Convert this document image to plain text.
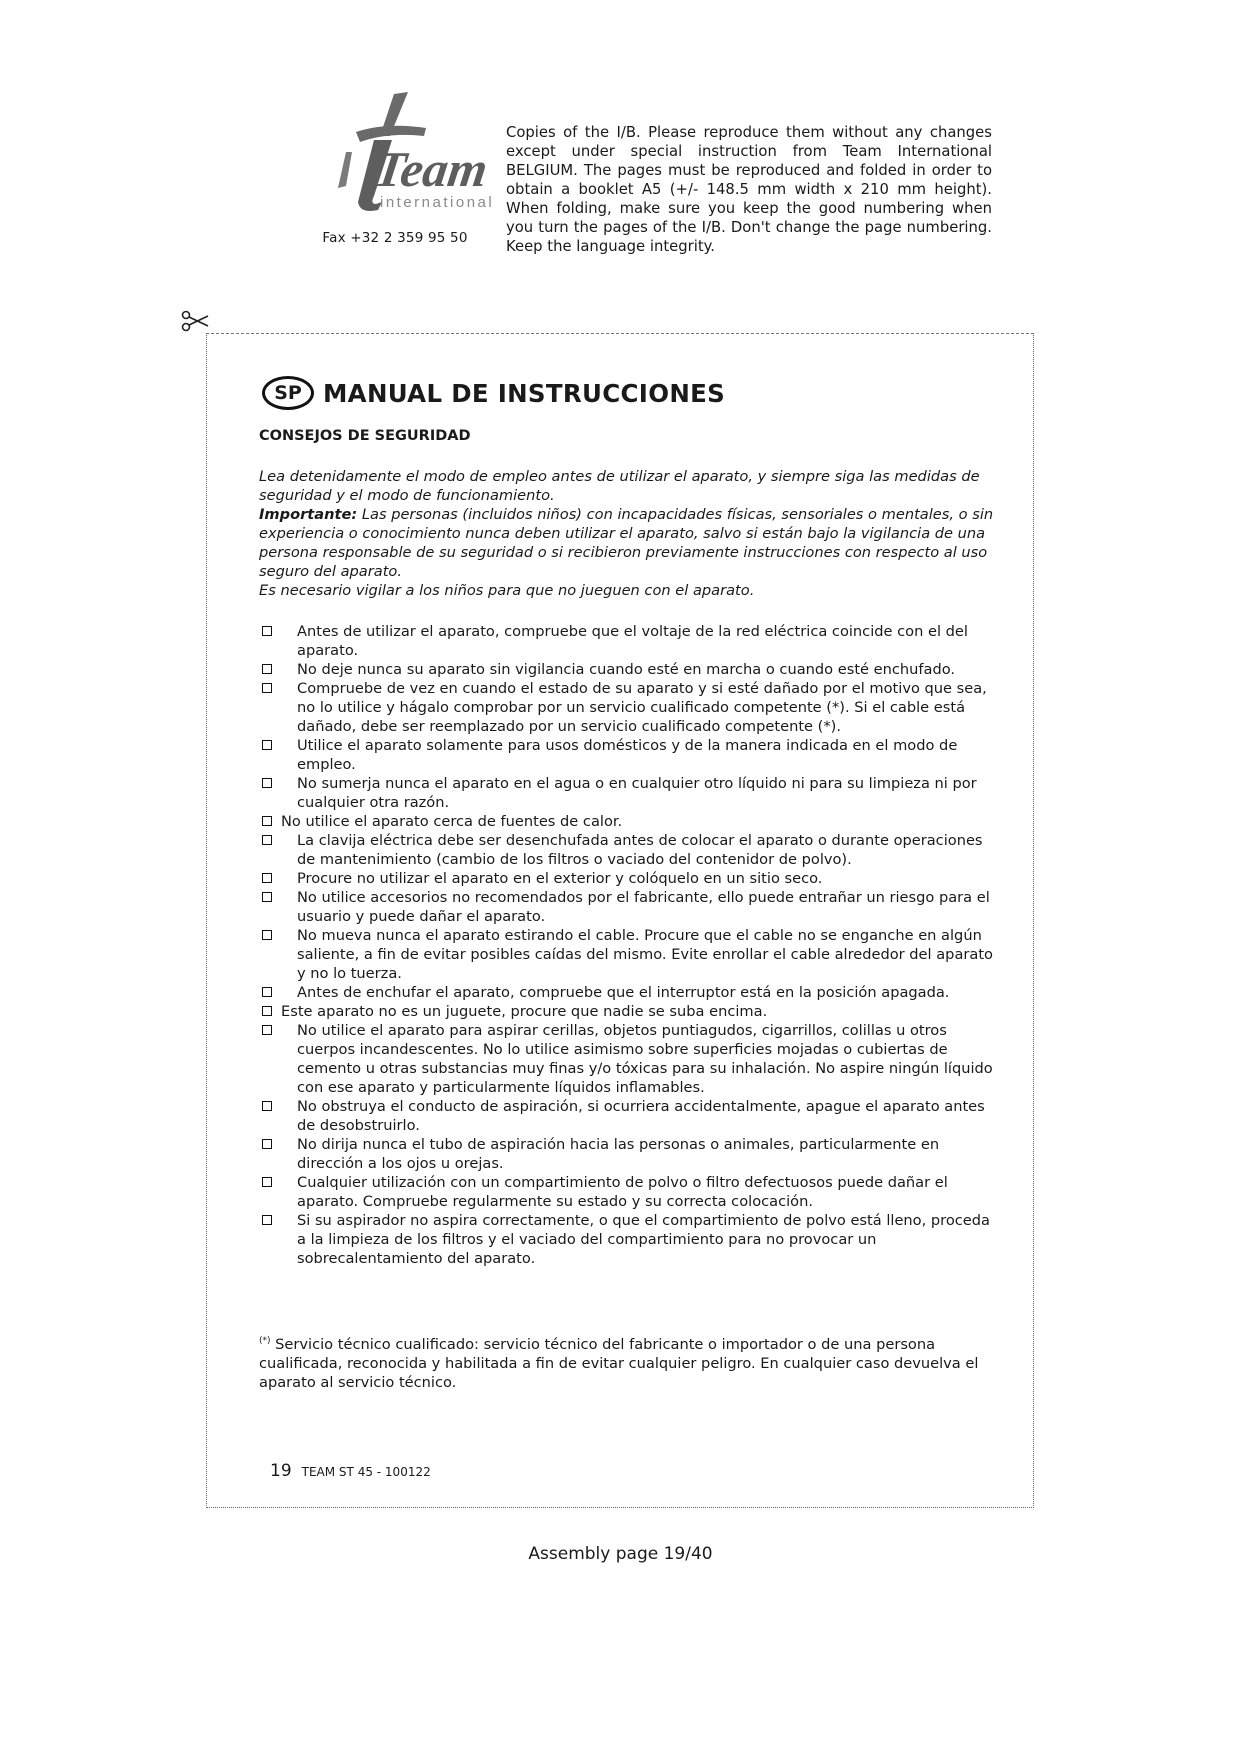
Team
international
Fax +32 2 359 95 50

Copies of the I/B. Please reproduce them without any changes except under special instruction from Team International BELGIUM. The pages must be reproduced and folded in order to obtain a booklet A5 (+/- 148.5 mm width x 210 mm height). When folding, make sure you keep the good numbering when you turn the pages of the I/B. Don't change the page numbering. Keep the language integrity.

SP MANUAL DE INSTRUCCIONES

CONSEJOS DE SEGURIDAD

Lea detenidamente el modo de empleo antes de utilizar el aparato, y siempre siga las medidas de seguridad y el modo de funcionamiento.

Importante: Las personas (incluidos niños) con incapacidades físicas, sensoriales o mentales, o sin experiencia o conocimiento nunca deben utilizar el aparato, salvo si están bajo la vigilancia de una persona responsable de su seguridad o si recibieron previamente instrucciones con respecto al uso seguro del aparato.

Es necesario vigilar a los niños para que no jueguen con el aparato.

Antes de utilizar el aparato, compruebe que el voltaje de la red eléctrica coincide con el del aparato.
No deje nunca su aparato sin vigilancia cuando esté en marcha o cuando esté enchufado.
Compruebe de vez en cuando el estado de su aparato y si esté dañado por el motivo que sea, no lo utilice y hágalo comprobar por un servicio cualificado competente (*). Si el cable está dañado, debe ser reemplazado por un servicio cualificado competente (*).
Utilice el aparato solamente para usos domésticos y de la manera indicada en el modo de empleo.
No sumerja nunca el aparato en el agua o en cualquier otro líquido ni para su limpieza ni por cualquier otra razón.
No utilice el aparato cerca de fuentes de calor.
La clavija eléctrica debe ser desenchufada antes de colocar el aparato o durante operaciones de mantenimiento (cambio de los filtros o vaciado del contenidor de polvo).
Procure no utilizar el aparato en el exterior y colóquelo en un sitio seco.
No utilice accesorios no recomendados por el fabricante, ello puede entrañar un riesgo para el usuario y puede dañar el aparato.
No mueva nunca el aparato estirando el cable. Procure que el cable no se enganche en algún saliente, a fin de evitar posibles caídas del mismo. Evite enrollar el cable alrededor del aparato y no lo tuerza.
Antes de enchufar el aparato, compruebe que el interruptor está en la posición apagada.
Este aparato no es un juguete, procure que nadie se suba encima.
No utilice el aparato para aspirar cerillas, objetos puntiagudos, cigarrillos, colillas u otros cuerpos incandescentes. No lo utilice asimismo sobre superficies mojadas o cubiertas de cemento u otras substancias muy finas y/o tóxicas para su inhalación. No aspire ningún líquido con ese aparato y particularmente líquidos inflamables.
No obstruya el conducto de aspiración, si ocurriera accidentalmente, apague el aparato antes de desobstruirlo.
No dirija nunca el tubo de aspiración hacia las personas o animales, particularmente en dirección a los ojos u orejas.
Cualquier utilización con un compartimiento de polvo o filtro defectuosos puede dañar el aparato. Compruebe regularmente su estado y su correcta colocación.
Si su aspirador no aspira correctamente, o que el compartimiento de polvo está lleno, proceda a la limpieza de los filtros y el vaciado del compartimiento para no provocar un sobrecalentamiento del aparato.

(*) Servicio técnico cualificado: servicio técnico del fabricante o importador o de una persona cualificada, reconocida y habilitada a fin de evitar cualquier peligro. En cualquier caso devuelva el aparato al servicio técnico.

19 TEAM ST 45 - 100122
Assembly page 19/40
